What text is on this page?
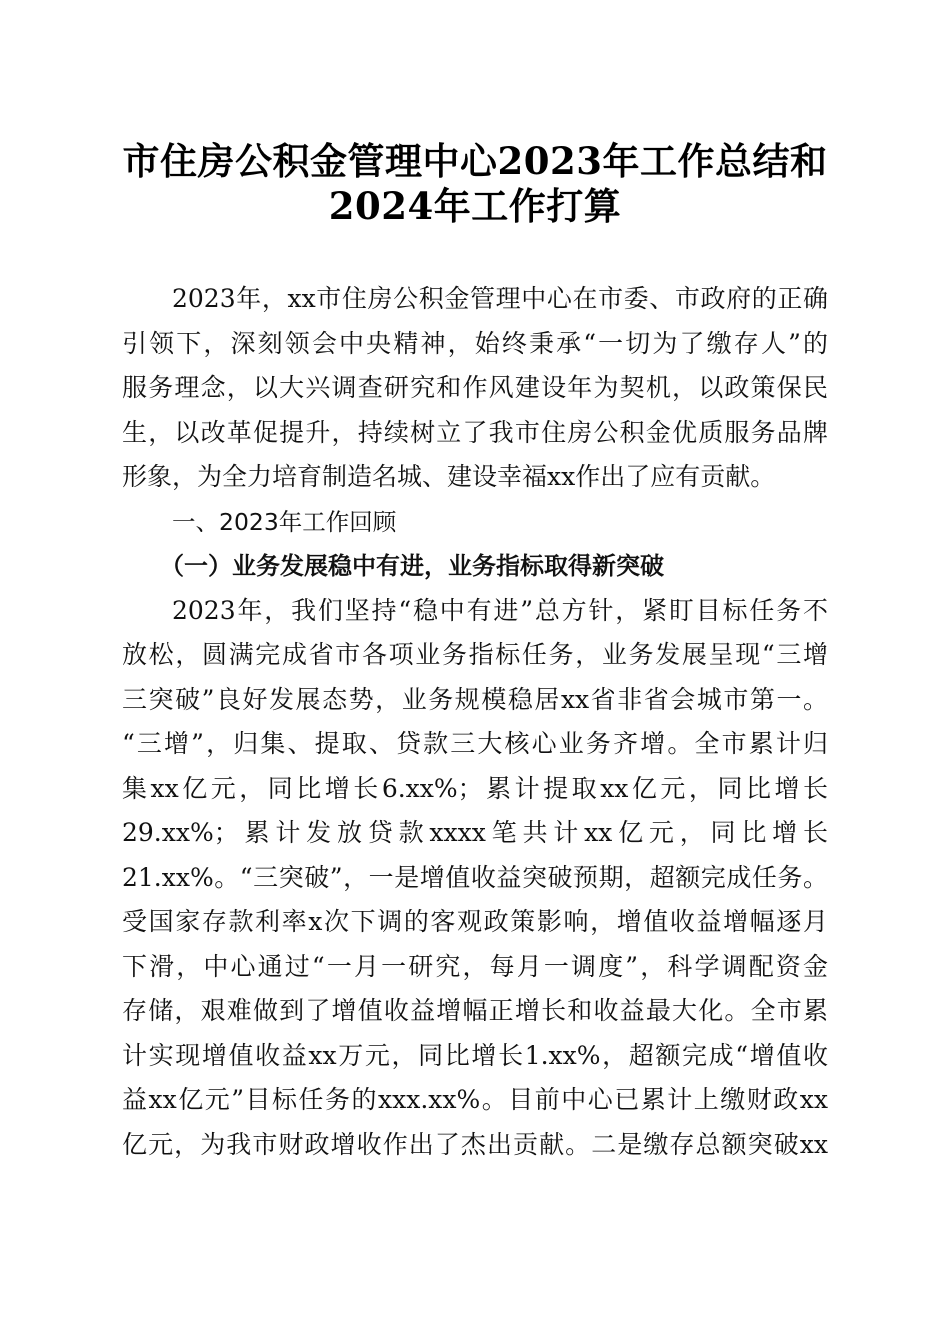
市住房公积金管理中心2023年工作总结和
2024年工作打算
2023年，xx市住房公积金管理中心在市委、市政府的正确
引领下，深刻领会中央精神，始终秉承“一切为了缴存人”的
服务理念，以大兴调查研究和作风建设年为契机，以政策保民
生，以改革促提升，持续树立了我市住房公积金优质服务品牌
形象，为全力培育制造名城、建设幸福xx作出了应有贡献。
一、2023年工作回顾
（一）业务发展稳中有进，业务指标取得新突破
2023年，我们坚持“稳中有进”总方针，紧盯目标任务不
放松，圆满完成省市各项业务指标任务，业务发展呈现“三增
三突破”良好发展态势，业务规模稳居xx省非省会城市第一。
“三增”，归集、提取、贷款三大核心业务齐增。全市累计归
集xx亿元，同比增长6.xx%；累计提取xx亿元，同比增长
29.xx%；累计发放贷款xxxx笔共计xx亿元，同比增长
21.xx%。“三突破”，一是增值收益突破预期，超额完成任务。
受国家存款利率x次下调的客观政策影响，增值收益增幅逐月
下滑，中心通过“一月一研究，每月一调度”，科学调配资金
存储，艰难做到了增值收益增幅正增长和收益最大化。全市累
计实现增值收益xx万元，同比增长1.xx%，超额完成“增值收
益xx亿元”目标任务的xxx.xx%。目前中心已累计上缴财政xx
亿元，为我市财政增收作出了杰出贡献。二是缴存总额突破xx
